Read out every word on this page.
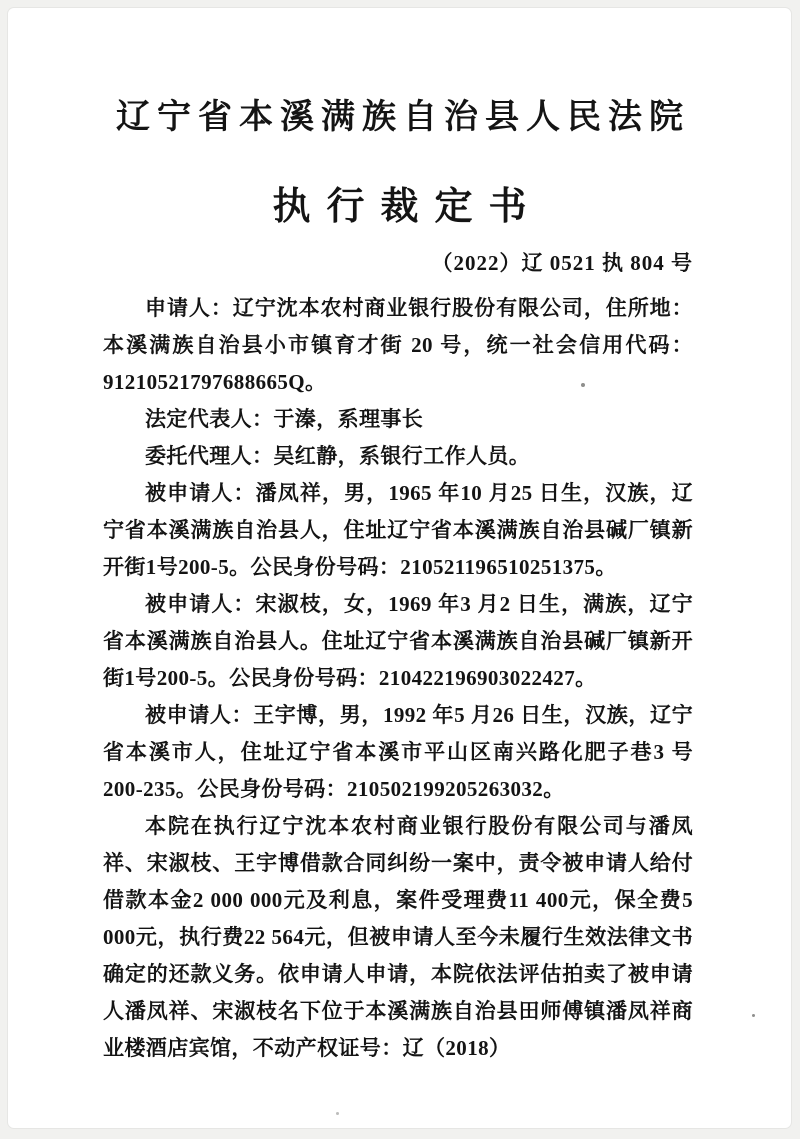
辽宁省本溪满族自治县人民法院
执行裁定书
（2022）辽 0521 执 804 号

申请人：辽宁沈本农村商业银行股份有限公司，住所地：本溪满族自治县小市镇育才街 20 号，统一社会信用代码：91210521797688665Q。

法定代表人：于溱，系理事长

委托代理人：吴红静，系银行工作人员。

被申请人：潘凤祥，男，1965 年10 月25 日生，汉族，辽宁省本溪满族自治县人，住址辽宁省本溪满族自治县碱厂镇新开街1号200-5。公民身份号码：210521196510251375。

被申请人：宋淑枝，女，1969 年3 月2 日生，满族，辽宁省本溪满族自治县人。住址辽宁省本溪满族自治县碱厂镇新开街1号200-5。公民身份号码：210422196903022427。

被申请人：王宇博，男，1992 年5 月26 日生，汉族，辽宁省本溪市人，住址辽宁省本溪市平山区南兴路化肥子巷3 号200-235。公民身份号码：210502199205263032。

本院在执行辽宁沈本农村商业银行股份有限公司与潘凤祥、宋淑枝、王宇博借款合同纠纷一案中，责令被申请人给付借款本金2 000 000元及利息，案件受理费11 400元，保全费5 000元，执行费22 564元，但被申请人至今未履行生效法律文书确定的还款义务。依申请人申请，本院依法评估拍卖了被申请人潘凤祥、宋淑枝名下位于本溪满族自治县田师傅镇潘凤祥商业楼酒店宾馆，不动产权证号：辽（2018）
